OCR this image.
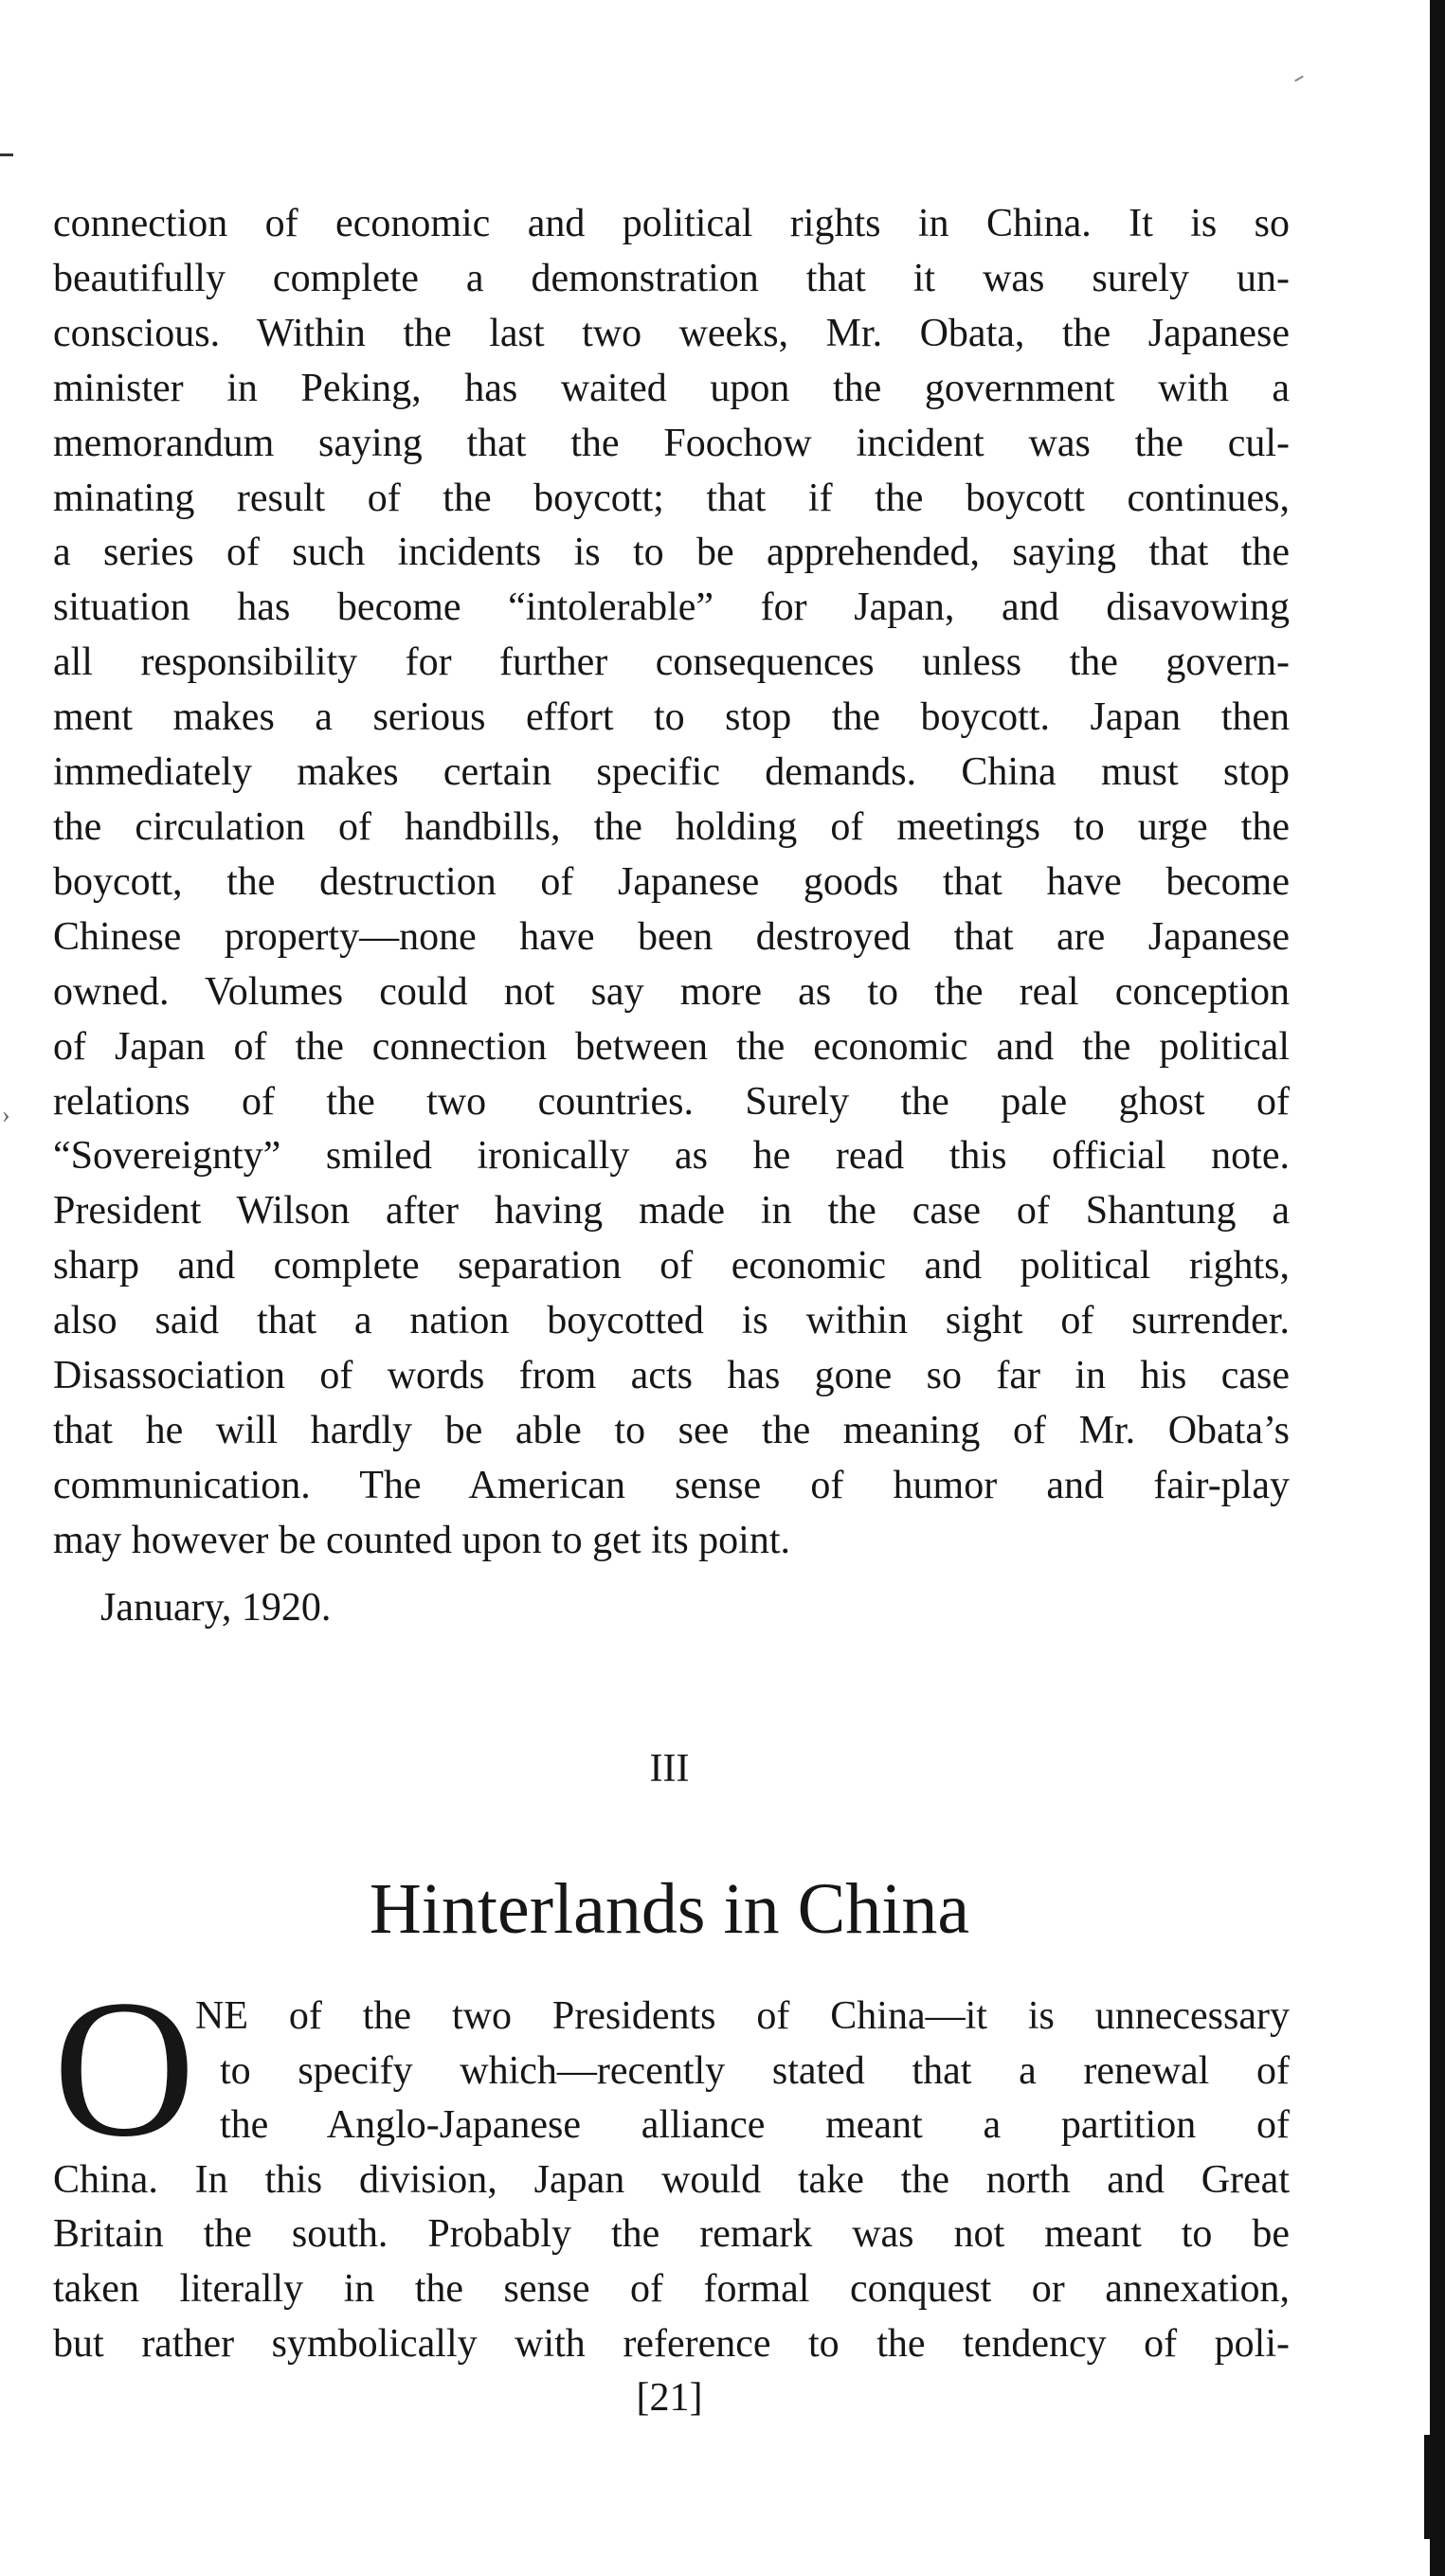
›
connection of economic and political rights in China. It is so
beautifully complete a demonstration that it was surely un-
conscious. Within the last two weeks, Mr. Obata, the Japanese
minister in Peking, has waited upon the government with a
memorandum saying that the Foochow incident was the cul-
minating result of the boycott; that if the boycott continues,
a series of such incidents is to be apprehended, saying that the
situation has become “intolerable” for Japan, and disavowing
all responsibility for further consequences unless the govern-
ment makes a serious effort to stop the boycott. Japan then
immediately makes certain specific demands. China must stop
the circulation of handbills, the holding of meetings to urge the
boycott, the destruction of Japanese goods that have become
Chinese property—none have been destroyed that are Japanese
owned. Volumes could not say more as to the real conception
of Japan of the connection between the economic and the political
relations of the two countries. Surely the pale ghost of
“Sovereignty” smiled ironically as he read this official note.
President Wilson after having made in the case of Shantung a
sharp and complete separation of economic and political rights,
also said that a nation boycotted is within sight of surrender.
Disassociation of words from acts has gone so far in his case
that he will hardly be able to see the meaning of Mr. Obata’s
communication. The American sense of humor and fair-play
may however be counted upon to get its point.
January, 1920.
III
Hinterlands in China
O NE of the two Presidents of China—it is unnecessary
to specify which—recently stated that a renewal of
the Anglo-Japanese alliance meant a partition of
China. In this division, Japan would take the north and Great
Britain the south. Probably the remark was not meant to be
taken literally in the sense of formal conquest or annexation,
but rather symbolically with reference to the tendency of poli-
[21]
